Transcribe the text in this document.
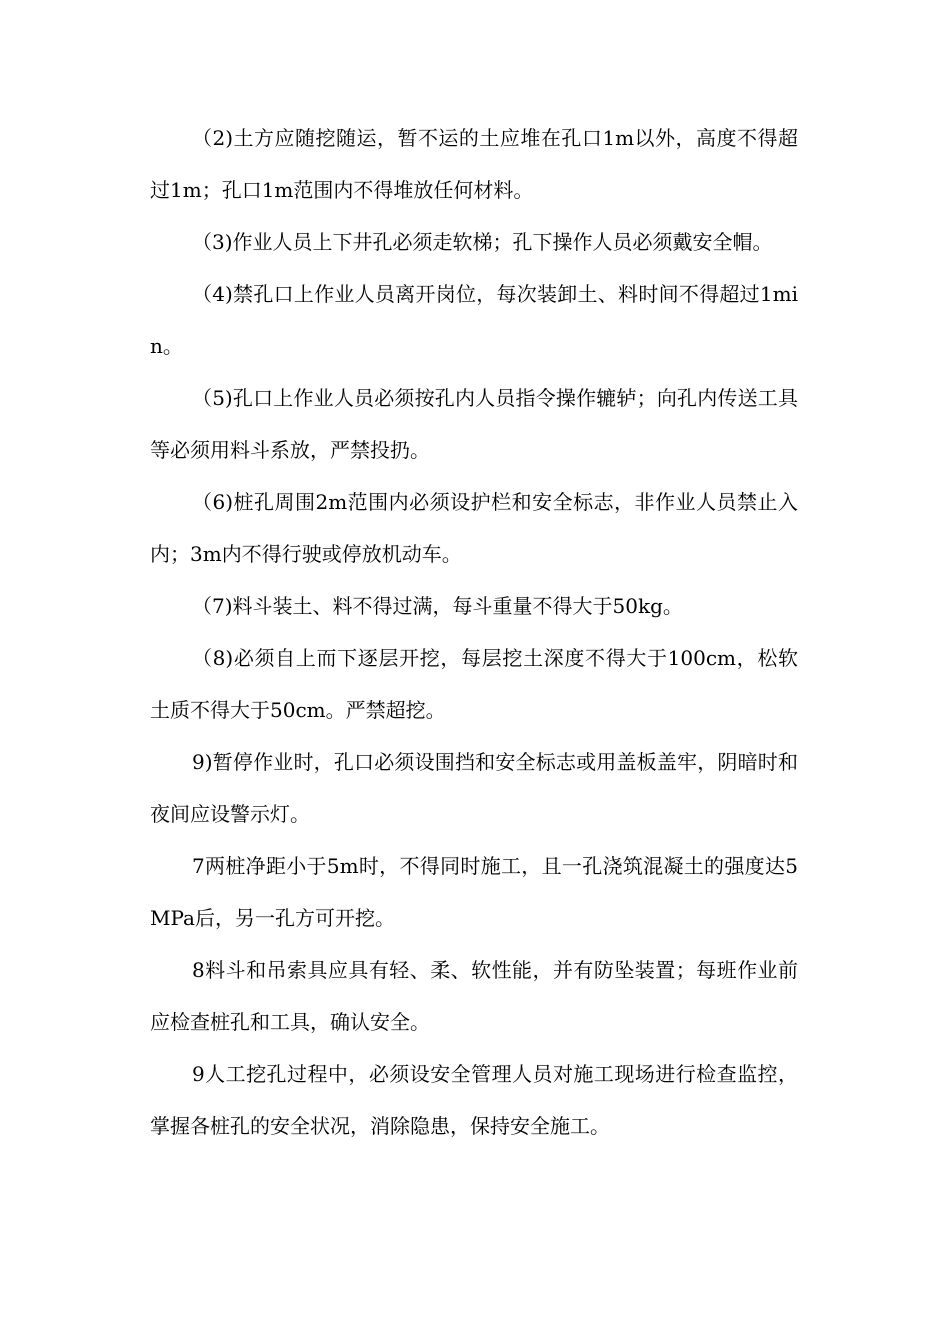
（2)土方应随挖随运，暂不运的土应堆在孔口1m以外，高度不得超过1m；孔口1m范围内不得堆放任何材料。

（3)作业人员上下井孔必须走软梯；孔下操作人员必须戴安全帽。

（4)禁孔口上作业人员离开岗位，每次装卸土、料时间不得超过1min。

（5)孔口上作业人员必须按孔内人员指令操作辘轳；向孔内传送工具等必须用料斗系放，严禁投扔。

（6)桩孔周围2m范围内必须设护栏和安全标志，非作业人员禁止入内；3m内不得行驶或停放机动车。

（7)料斗装土、料不得过满，每斗重量不得大于50kg。

（8)必须自上而下逐层开挖，每层挖土深度不得大于100cm，松软土质不得大于50cm。严禁超挖。

9)暂停作业时，孔口必须设围挡和安全标志或用盖板盖牢，阴暗时和夜间应设警示灯。

7两桩净距小于5m时，不得同时施工，且一孔浇筑混凝土的强度达5MPa后，另一孔方可开挖。

8料斗和吊索具应具有轻、柔、软性能，并有防坠装置；每班作业前应检查桩孔和工具，确认安全。

9人工挖孔过程中，必须设安全管理人员对施工现场进行检查监控，掌握各桩孔的安全状况，消除隐患，保持安全施工。
